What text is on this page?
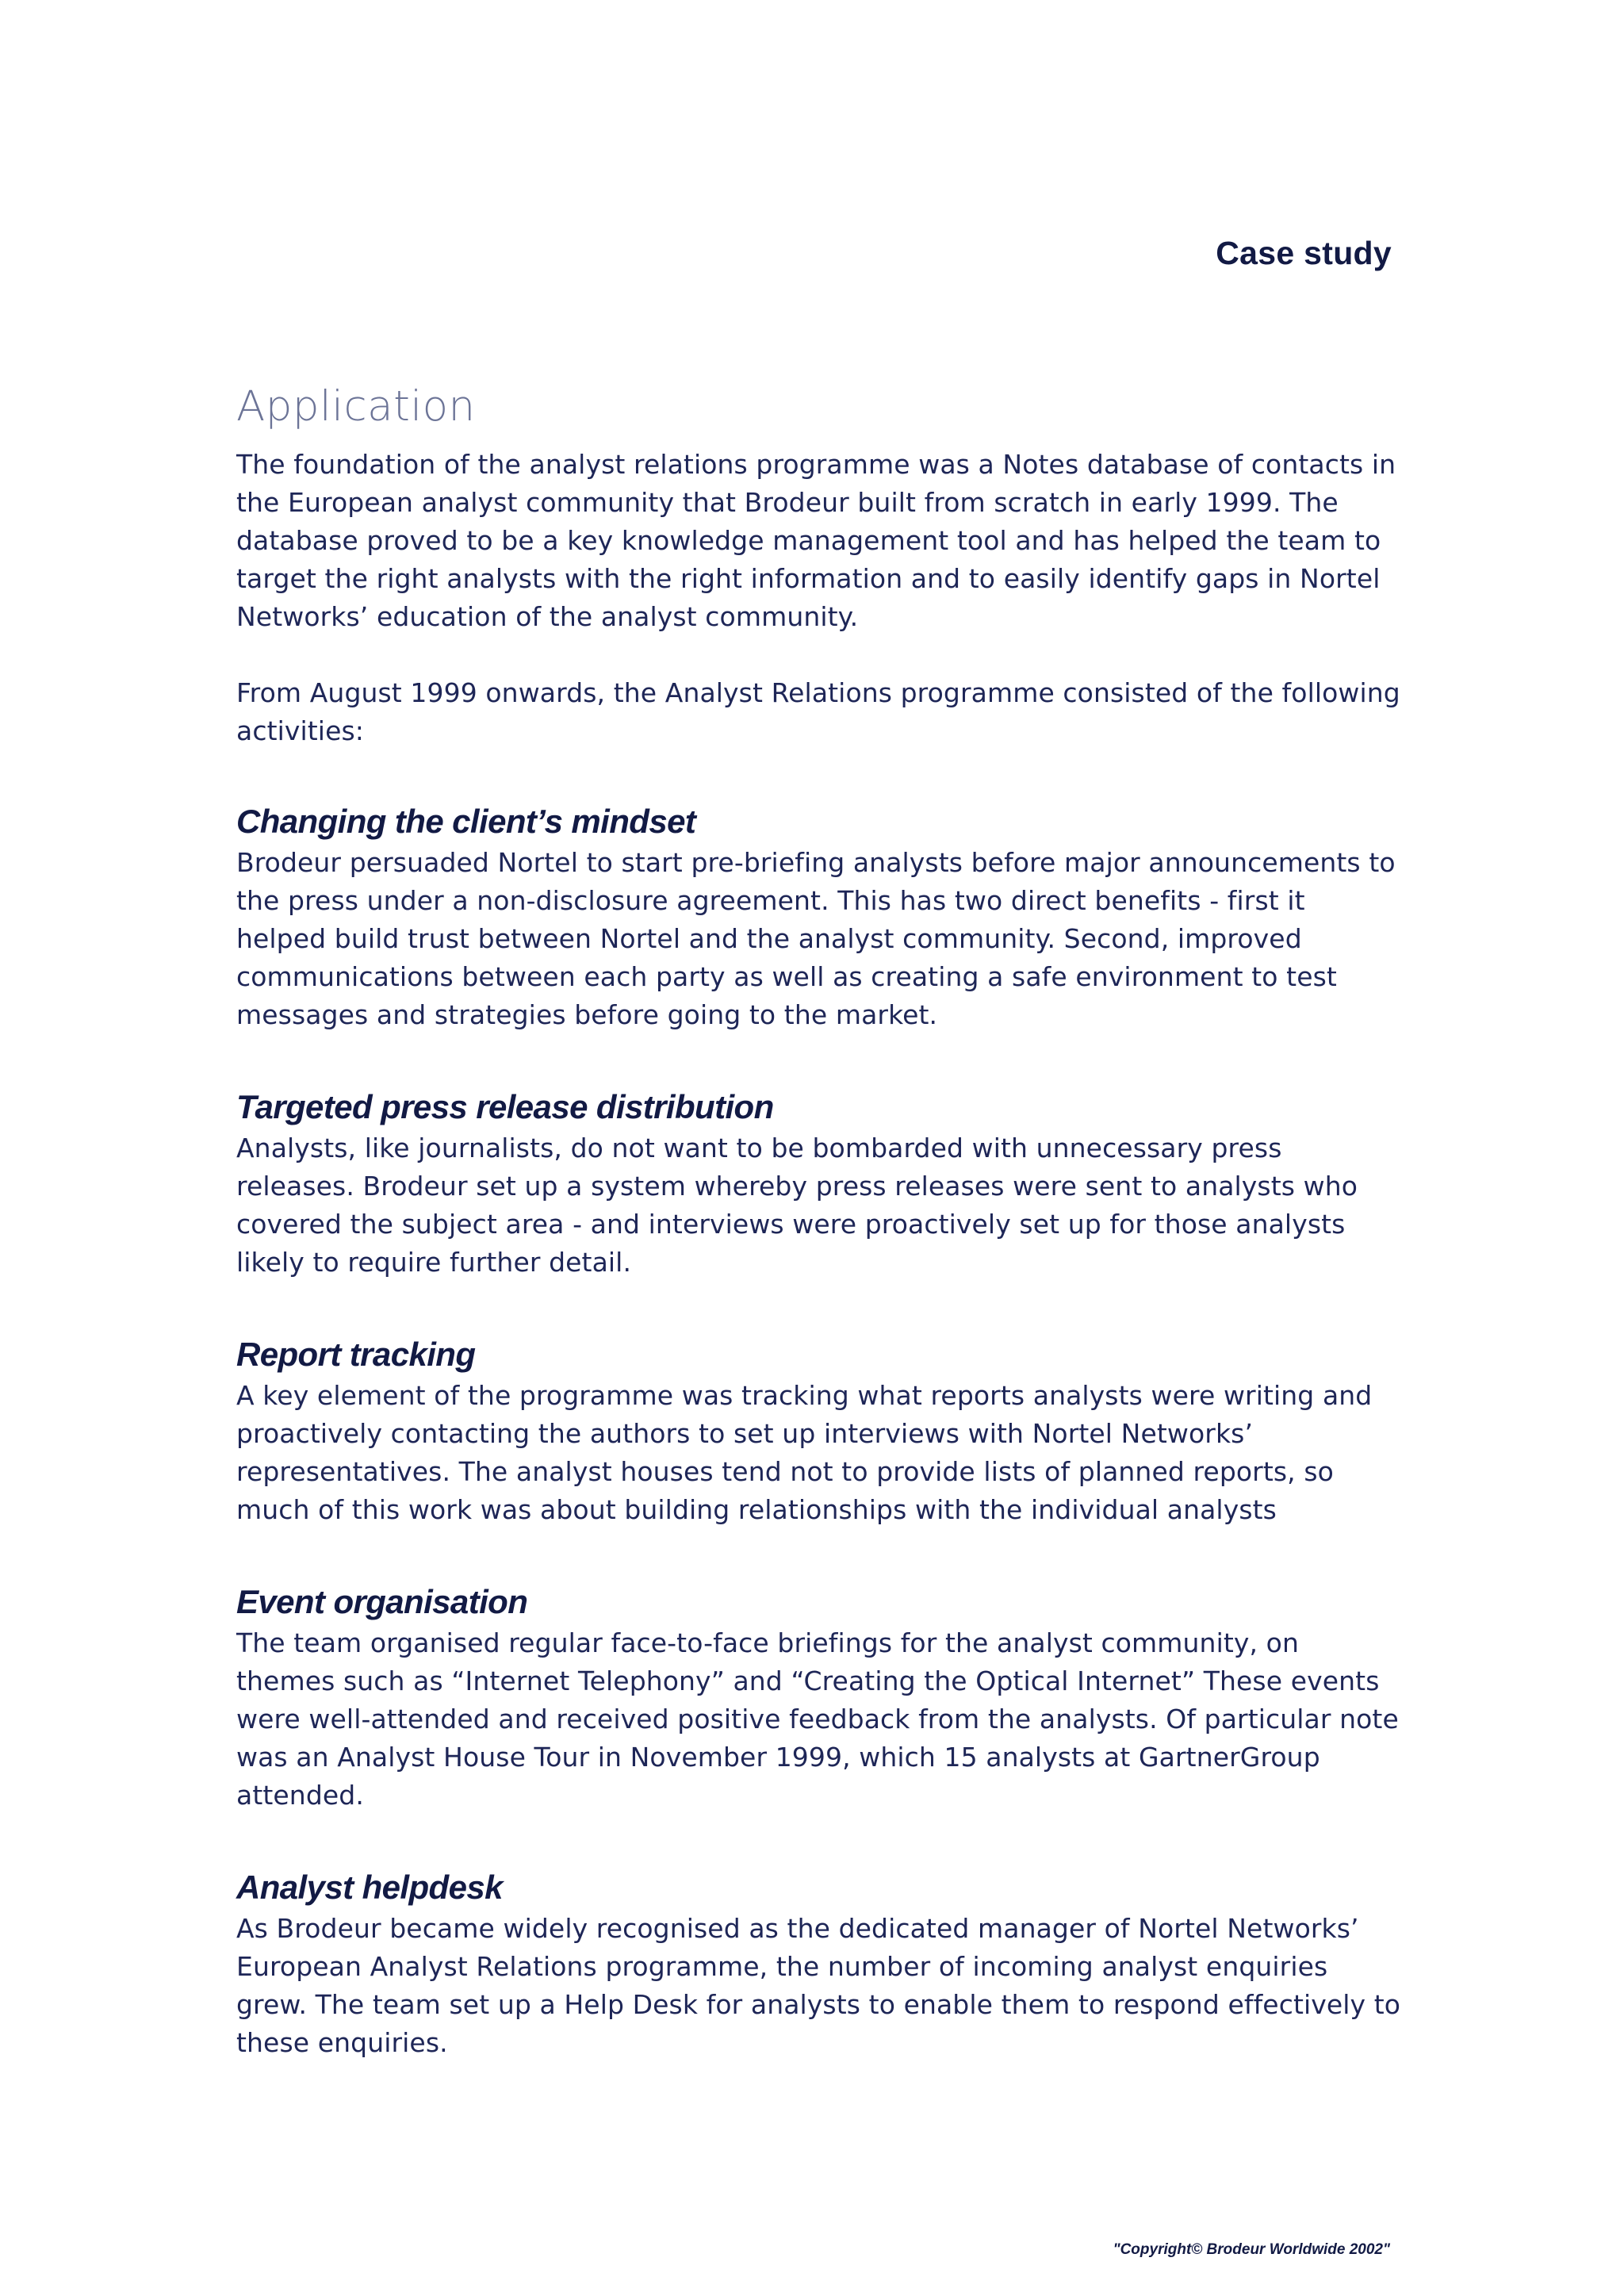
Case study
Application

The foundation of the analyst relations programme was a Notes database of contacts in the European analyst community that Brodeur built from scratch in early 1999. The database proved to be a key knowledge management tool and has helped the team to target the right analysts with the right information and to easily identify gaps in Nortel Networks’ education of the analyst community.

From August 1999 onwards, the Analyst Relations programme consisted of the following activities:

Changing the client’s mindset

Brodeur persuaded Nortel to start pre-briefing analysts before major announcements to the press under a non-disclosure agreement. This has two direct benefits - first it helped build trust between Nortel and the analyst community. Second, improved communications between each party as well as creating a safe environment to test messages and strategies before going to the market.

Targeted press release distribution

Analysts, like journalists, do not want to be bombarded with unnecessary press releases. Brodeur set up a system whereby press releases were sent to analysts who covered the subject area - and interviews were proactively set up for those analysts likely to require further detail.

Report tracking

A key element of the programme was tracking what reports analysts were writing and proactively contacting the authors to set up interviews with Nortel Networks’ representatives. The analyst houses tend not to provide lists of planned reports, so much of this work was about building relationships with the individual analysts

Event organisation

The team organised regular face-to-face briefings for the analyst community, on themes such as “Internet Telephony” and “Creating the Optical Internet” These events were well-attended and received positive feedback from the analysts. Of particular note was an Analyst House Tour in November 1999, which 15 analysts at GartnerGroup attended.

Analyst helpdesk

As Brodeur became widely recognised as the dedicated manager of Nortel Networks’ European Analyst Relations programme, the number of incoming analyst enquiries grew. The team set up a Help Desk for analysts to enable them to respond effectively to these enquiries.

"Copyright© Brodeur Worldwide 2002"
